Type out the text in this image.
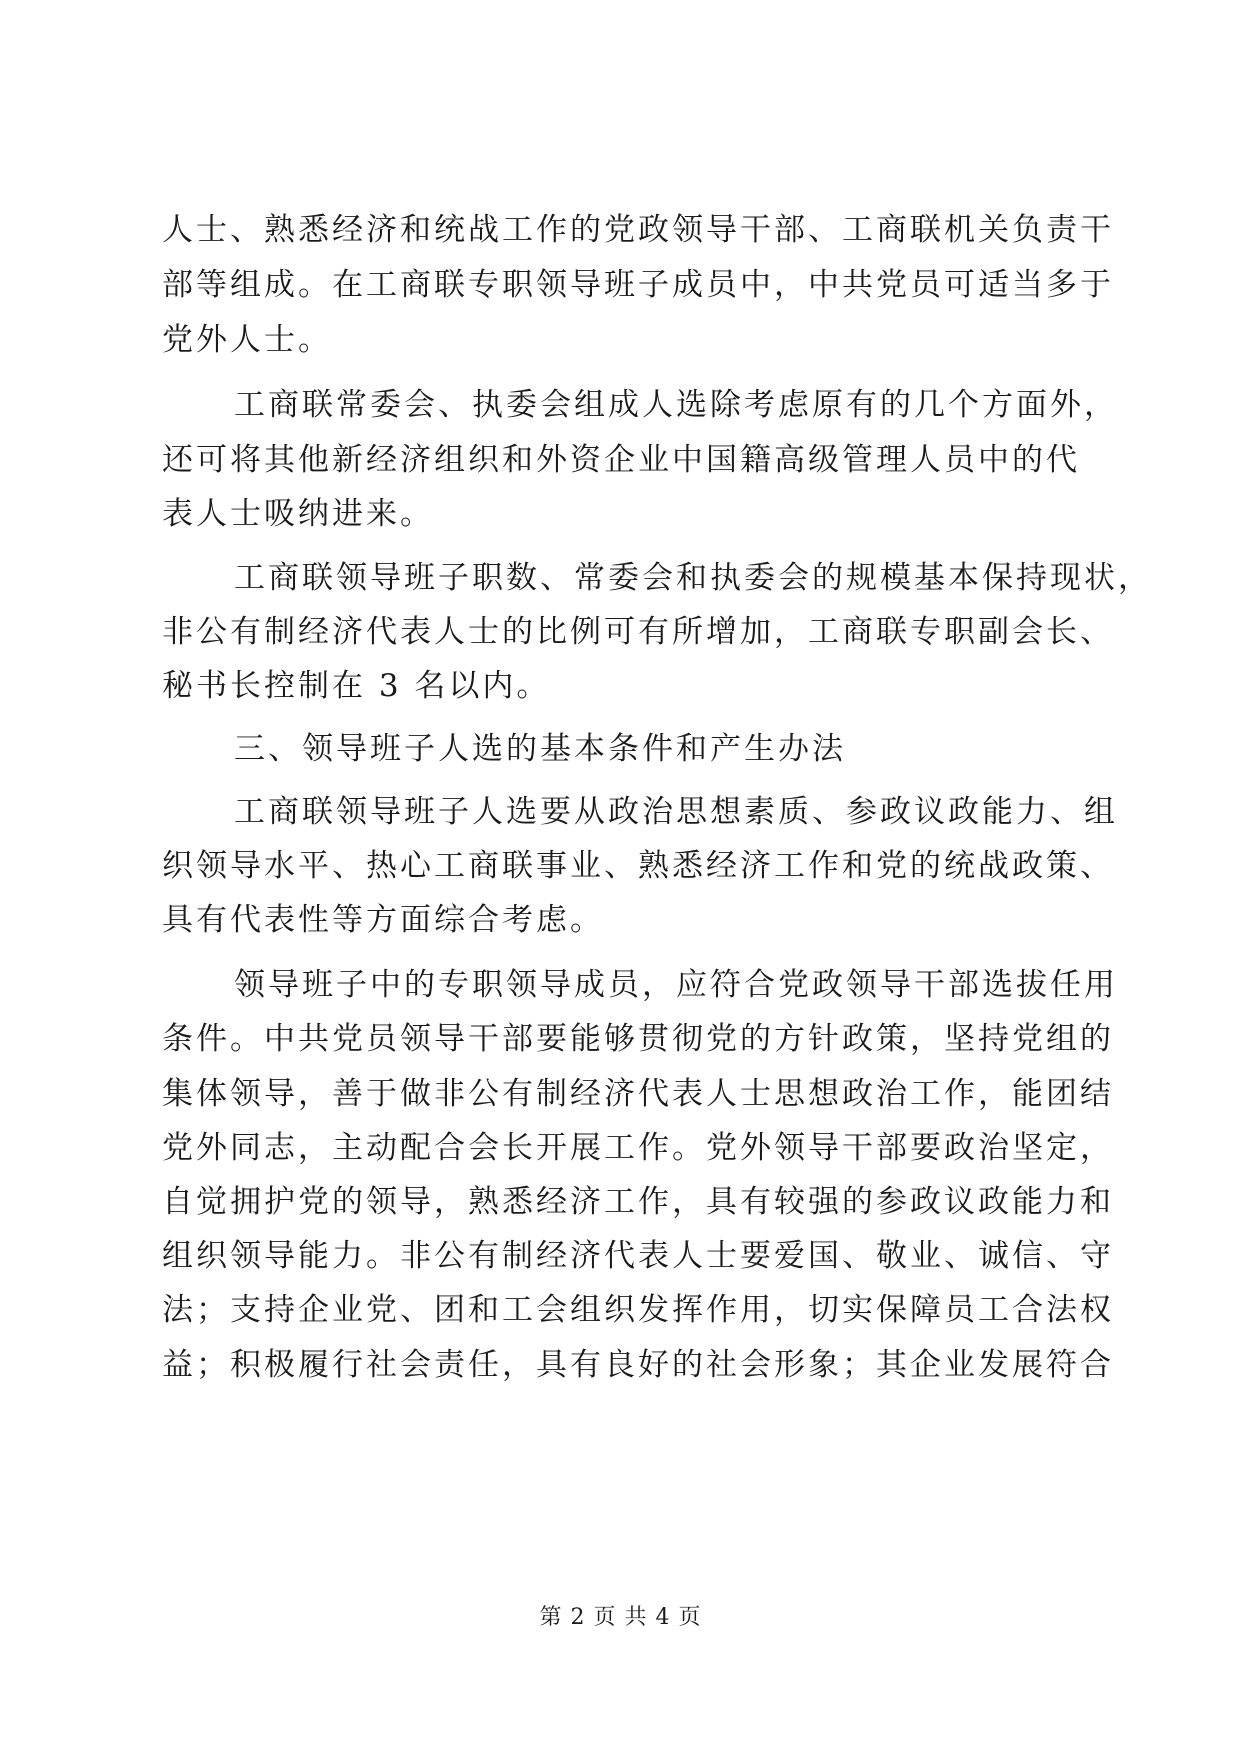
人士、熟悉经济和统战工作的党政领导干部、工商联机关负责干
部等组成。在工商联专职领导班子成员中，中共党员可适当多于
党外人士。
工商联常委会、执委会组成人选除考虑原有的几个方面外，
还可将其他新经济组织和外资企业中国籍高级管理人员中的代
表人士吸纳进来。
工商联领导班子职数、常委会和执委会的规模基本保持现状，
非公有制经济代表人士的比例可有所增加，工商联专职副会长、
秘书长控制在 3 名以内。
三、领导班子人选的基本条件和产生办法
工商联领导班子人选要从政治思想素质、参政议政能力、组
织领导水平、热心工商联事业、熟悉经济工作和党的统战政策、
具有代表性等方面综合考虑。
领导班子中的专职领导成员，应符合党政领导干部选拔任用
条件。中共党员领导干部要能够贯彻党的方针政策，坚持党组的
集体领导，善于做非公有制经济代表人士思想政治工作，能团结
党外同志，主动配合会长开展工作。党外领导干部要政治坚定，
自觉拥护党的领导，熟悉经济工作，具有较强的参政议政能力和
组织领导能力。非公有制经济代表人士要爱国、敬业、诚信、守
法；支持企业党、团和工会组织发挥作用，切实保障员工合法权
益；积极履行社会责任，具有良好的社会形象；其企业发展符合
第 2 页 共 4 页
